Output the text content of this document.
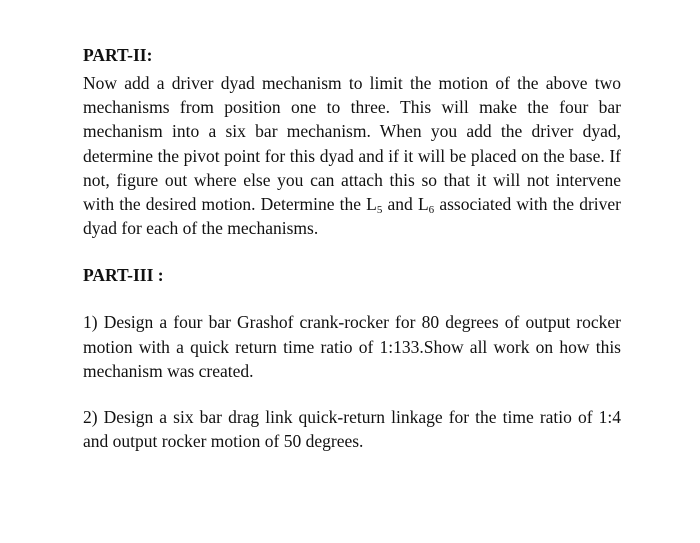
PART-II:

Now add a driver dyad mechanism to limit the motion of the above two mechanisms from position one to three. This will make the four bar mechanism into a six bar mechanism. When you add the driver dyad, determine the pivot point for this dyad and if it will be placed on the base. If not, figure out where else you can attach this so that it will not intervene with the desired motion. Determine the $L_5$ and $L_6$ associated with the driver dyad for each of the mechanisms.

PART-III :

1) Design a four bar Grashof crank-rocker for 80 degrees of output rocker motion with a quick return time ratio of 1:133.Show all work on how this mechanism was created.

2) Design a six bar drag link quick-return linkage for the time ratio of 1:4 and output rocker motion of 50 degrees.
